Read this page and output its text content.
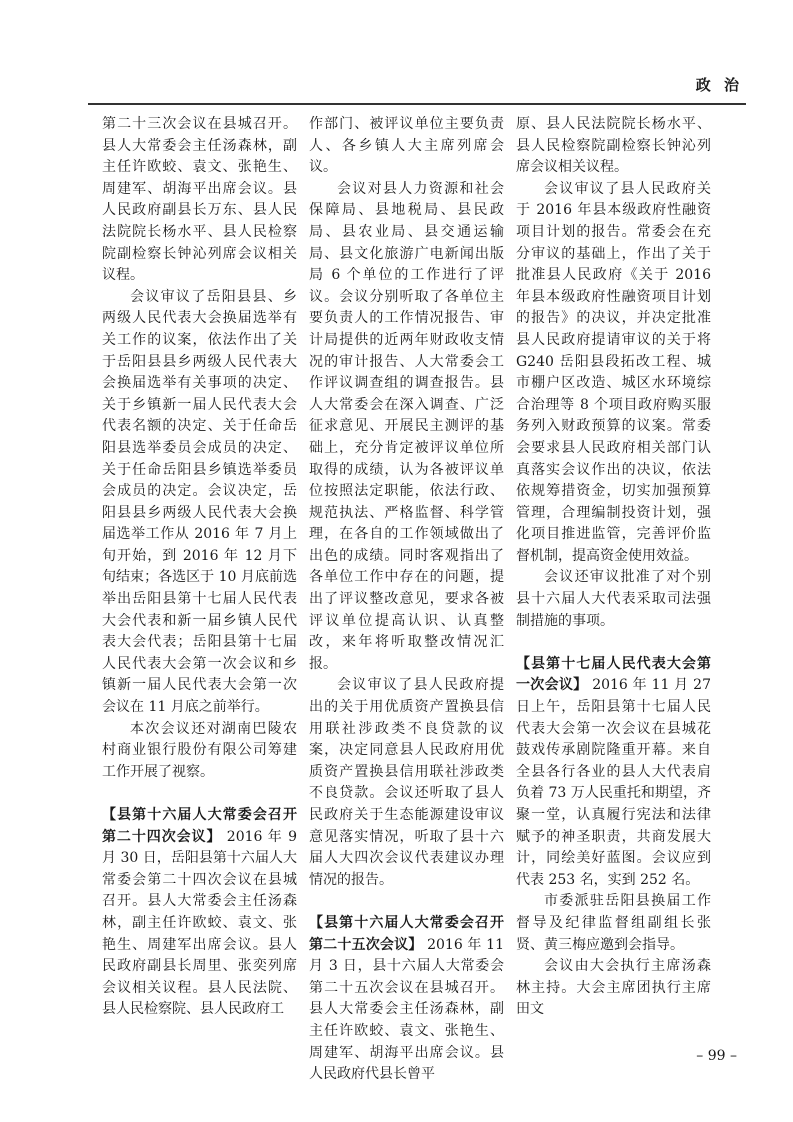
政 治

第二十三次会议在县城召开。县人大常委会主任汤森林，副主任许欧蛟、袁文、张艳生、周建军、胡海平出席会议。县人民政府副县长万东、县人民法院院长杨水平、县人民检察院副检察长钟沁列席会议相关议程。

会议审议了岳阳县县、乡两级人民代表大会换届选举有关工作的议案，依法作出了关于岳阳县县乡两级人民代表大会换届选举有关事项的决定、关于乡镇新一届人民代表大会代表名额的决定、关于任命岳阳县选举委员会成员的决定、关于任命岳阳县乡镇选举委员会成员的决定。会议决定，岳阳县县乡两级人民代表大会换届选举工作从 2016 年 7 月上旬开始，到 2016 年 12 月下旬结束；各选区于 10 月底前选举出岳阳县第十七届人民代表大会代表和新一届乡镇人民代表大会代表；岳阳县第十七届人民代表大会第一次会议和乡镇新一届人民代表大会第一次会议在 11 月底之前举行。

本次会议还对湖南巴陵农村商业银行股份有限公司筹建工作开展了视察。

【县第十六届人大常委会召开第二十四次会议】 2016 年 9 月 30 日，岳阳县第十六届人大常委会第二十四次会议在县城召开。县人大常委会主任汤森林，副主任许欧蛟、袁文、张艳生、周建军出席会议。县人民政府副县长周里、张奕列席会议相关议程。县人民法院、县人民检察院、县人民政府工

作部门、被评议单位主要负责人、各乡镇人大主席列席会议。

会议对县人力资源和社会保障局、县地税局、县民政局、县农业局、县交通运输局、县文化旅游广电新闻出版局 6 个单位的工作进行了评议。会议分别听取了各单位主要负责人的工作情况报告、审计局提供的近两年财政收支情况的审计报告、人大常委会工作评议调查组的调查报告。县人大常委会在深入调查、广泛征求意见、开展民主测评的基础上，充分肯定被评议单位所取得的成绩，认为各被评议单位按照法定职能，依法行政、规范执法、严格监督、科学管理，在各自的工作领域做出了出色的成绩。同时客观指出了各单位工作中存在的问题，提出了评议整改意见，要求各被评议单位提高认识、认真整改，来年将听取整改情况汇报。

会议审议了县人民政府提出的关于用优质资产置换县信用联社涉政类不良贷款的议案，决定同意县人民政府用优质资产置换县信用联社涉政类不良贷款。会议还听取了县人民政府关于生态能源建设审议意见落实情况，听取了县十六届人大四次会议代表建议办理情况的报告。

【县第十六届人大常委会召开第二十五次会议】 2016 年 11 月 3 日，县十六届人大常委会第二十五次会议在县城召开。县人大常委会主任汤森林，副主任许欧蛟、袁文、张艳生、周建军、胡海平出席会议。县人民政府代县长曾平

原、县人民法院院长杨水平、县人民检察院副检察长钟沁列席会议相关议程。

会议审议了县人民政府关于 2016 年县本级政府性融资项目计划的报告。常委会在充分审议的基础上，作出了关于批准县人民政府《关于 2016 年县本级政府性融资项目计划的报告》的决议，并决定批准县人民政府提请审议的关于将 G240 岳阳县段拓改工程、城市棚户区改造、城区水环境综合治理等 8 个项目政府购买服务列入财政预算的议案。常委会要求县人民政府相关部门认真落实会议作出的决议，依法依规筹措资金，切实加强预算管理，合理编制投资计划，强化项目推进监管，完善评价监督机制，提高资金使用效益。

会议还审议批准了对个别县十六届人大代表采取司法强制措施的事项。

【县第十七届人民代表大会第一次会议】 2016 年 11 月 27 日上午，岳阳县第十七届人民代表大会第一次会议在县城花鼓戏传承剧院隆重开幕。来自全县各行各业的县人大代表肩负着 73 万人民重托和期望，齐聚一堂，认真履行宪法和法律赋予的神圣职责，共商发展大计，同绘美好蓝图。会议应到代表 253 名，实到 252 名。

市委派驻岳阳县换届工作督导及纪律监督组副组长张贤、黄三梅应邀到会指导。

会议由大会执行主席汤森林主持。大会主席团执行主席田文

– 99 –
